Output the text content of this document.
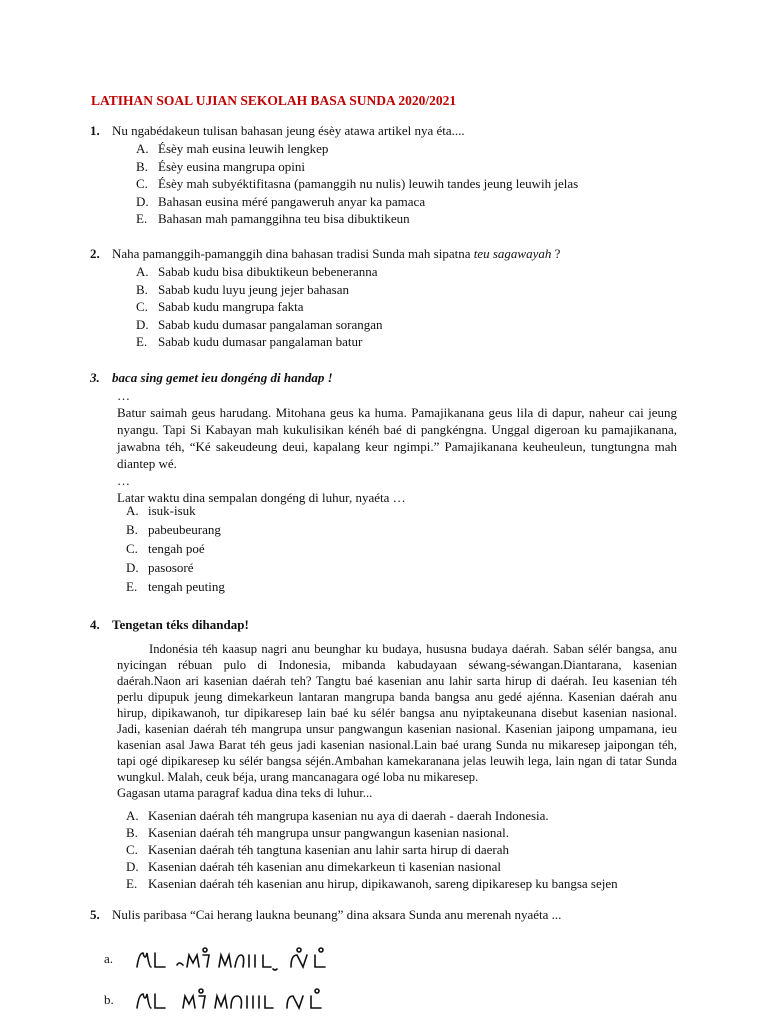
LATIHAN SOAL UJIAN SEKOLAH BASA SUNDA 2020/2021
1. Nu ngabédakeun tulisan bahasan jeung ésèy atawa artikel nya éta....
A. Ésèy mah eusina leuwih lengkep
B. Ésèy eusina mangrupa opini
C. Ésèy mah subyéktifitasna (pamanggih nu nulis) leuwih tandes jeung leuwih jelas
D. Bahasan eusina méré pangaweruh anyar ka pamaca
E. Bahasan mah pamanggihna teu bisa dibuktikeun
2. Naha pamanggih-pamanggih dina bahasan tradisi Sunda mah sipatna teu sagawayah ?
A. Sabab kudu bisa dibuktikeun bebeneranna
B. Sabab kudu luyu jeung jejer bahasan
C. Sabab kudu mangrupa fakta
D. Sabab kudu dumasar pangalaman sorangan
E. Sabab kudu dumasar pangalaman batur
3. baca sing gemet ieu dongéng di handap !

…

Batur saimah geus harudang. Mitohana geus ka huma. Pamajikanana geus lila di dapur, naheur cai jeung nyangu. Tapi Si Kabayan mah kukulisikan kénéh baé di pangkéngna. Unggal digeroan ku pamajikanana, jawabna téh, “Ké sakeudeung deui, kapalang keur ngimpi.” Pamajikanana keuheuleun, tungtungna mah diantep wé.

…

Latar waktu dina sempalan dongéng di luhur, nyaéta …

A. isuk-isuk
B. pabeubeurang
C. tengah poé
D. pasosoré
E. tengah peuting
4. Tengetan téks dihandap!

Indonésia téh kaasup nagri anu beunghar ku budaya, hususna budaya daérah. Saban sélér bangsa, anu nyicingan rébuan pulo di Indonesia, mibanda kabudayaan séwang-séwangan.Diantarana, kasenian daérah.Naon ari kasenian daérah teh? Tangtu baé kasenian anu lahir sarta hirup di daérah. Ieu kasenian téh perlu dipupuk jeung dimekarkeun lantaran mangrupa banda bangsa anu gedé ajénna. Kasenian daérah anu hirup, dipikawanoh, tur dipikaresep lain baé ku sélér bangsa anu nyiptakeunana disebut kasenian nasional. Jadi, kasenian daérah téh mangrupa unsur pangwangun kasenian nasional. Kasenian jaipong umpamana, ieu kasenian asal Jawa Barat téh geus jadi kasenian nasional.Lain baé urang Sunda nu mikaresep jaipongan téh, tapi ogé dipikaresep ku sélér bangsa séjén.Ambahan kamekaranana jelas leuwih lega, lain ngan di tatar Sunda wungkul. Malah, ceuk béja, urang mancanagara ogé loba nu mikaresep.

Gagasan utama paragraf kadua dina teks di luhur...

A. Kasenian daérah téh mangrupa kasenian nu aya di daerah - daerah Indonesia.
B. Kasenian daérah téh mangrupa unsur pangwangun kasenian nasional.
C. Kasenian daérah téh tangtuna kasenian anu lahir sarta hirup di daerah
D. Kasenian daérah téh kasenian anu dimekarkeun ti kasenian nasional
E. Kasenian daérah téh kasenian anu hirup, dipikawanoh, sareng dipikaresep ku bangsa sejen
5. Nulis paribasa “Cai herang laukna beunang” dina aksara Sunda anu merenah nyaéta ...
a.
b.
